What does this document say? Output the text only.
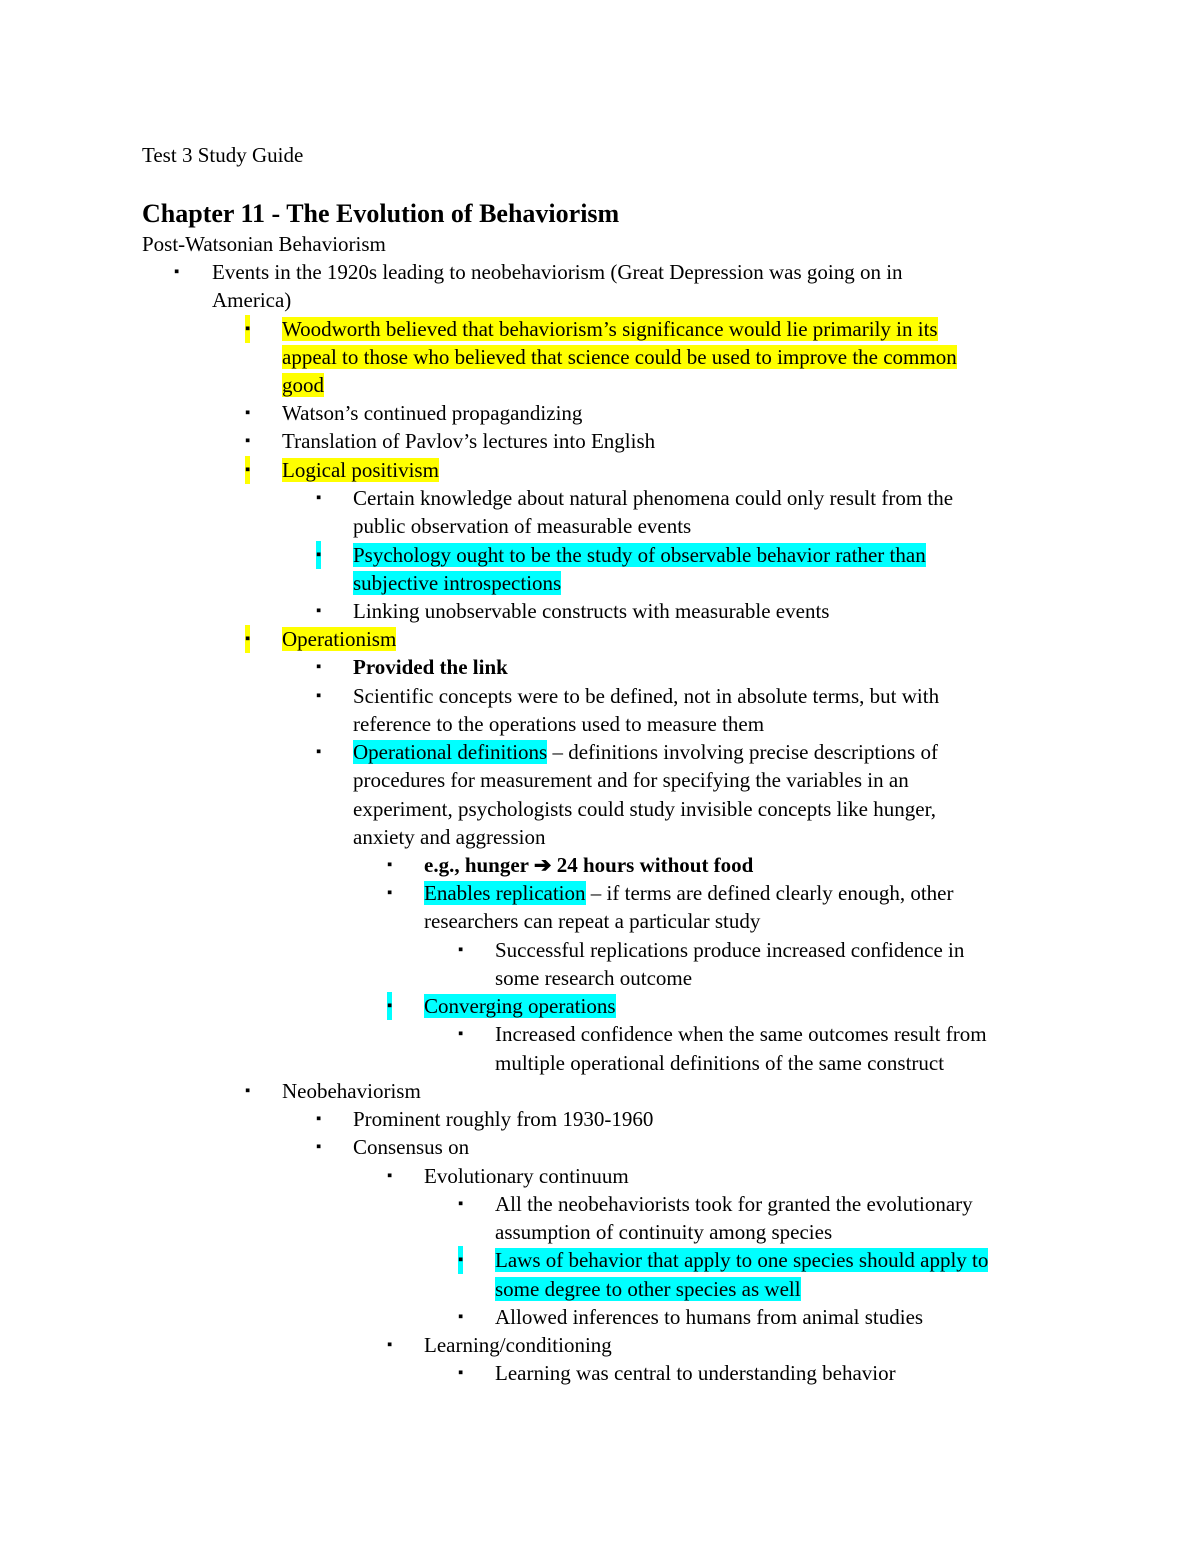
Test 3 Study Guide
Chapter 11 - The Evolution of Behaviorism
Post-Watsonian Behaviorism
▪ Events in the 1920s leading to neobehaviorism (Great Depression was going on in
America)
▪ Woodworth believed that behaviorism’s significance would lie primarily in its
appeal to those who believed that science could be used to improve the common
good
▪ Watson’s continued propagandizing
▪ Translation of Pavlov’s lectures into English
▪ Logical positivism
▪ Certain knowledge about natural phenomena could only result from the
public observation of measurable events
▪ Psychology ought to be the study of observable behavior rather than
subjective introspections
▪ Linking unobservable constructs with measurable events
▪ Operationism
▪ Provided the link
▪ Scientific concepts were to be defined, not in absolute terms, but with
reference to the operations used to measure them
▪ Operational definitions – definitions involving precise descriptions of
procedures for measurement and for specifying the variables in an
experiment, psychologists could study invisible concepts like hunger,
anxiety and aggression
▪ e.g., hunger ➔ 24 hours without food
▪ Enables replication – if terms are defined clearly enough, other
researchers can repeat a particular study
▪ Successful replications produce increased confidence in
some research outcome
▪ Converging operations
▪ Increased confidence when the same outcomes result from
multiple operational definitions of the same construct
▪ Neobehaviorism
▪ Prominent roughly from 1930-1960
▪ Consensus on
▪ Evolutionary continuum
▪ All the neobehaviorists took for granted the evolutionary
assumption of continuity among species
▪ Laws of behavior that apply to one species should apply to
some degree to other species as well
▪ Allowed inferences to humans from animal studies
▪ Learning/conditioning
▪ Learning was central to understanding behavior
